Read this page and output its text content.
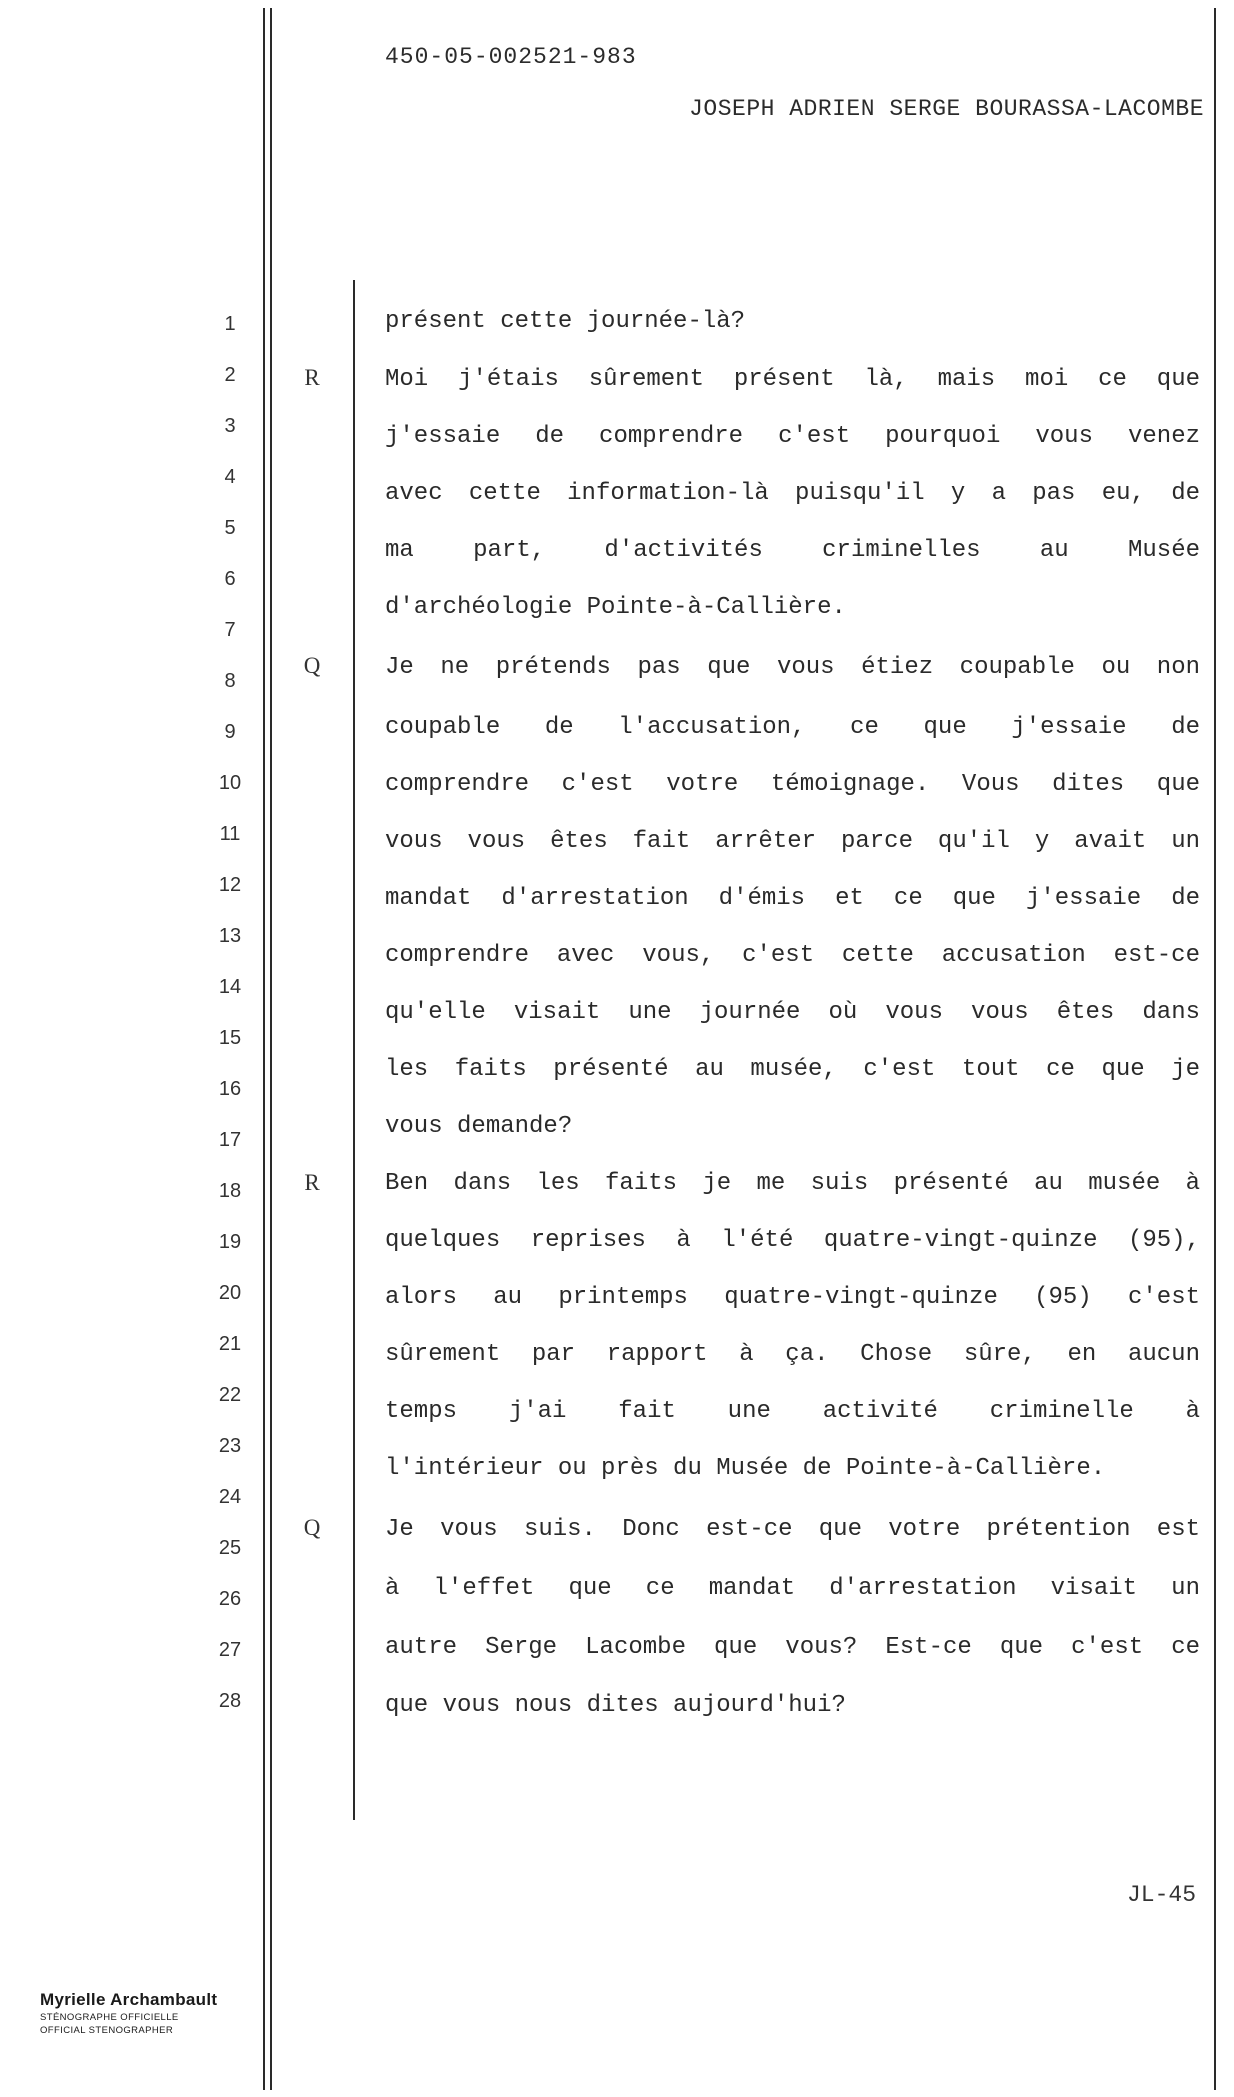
450-05-002521-983
JOSEPH ADRIEN SERGE BOURASSA-LACOMBE
1
2
3
4
5
6
7
8
9
10
11
12
13
14
15
16
17
18
19
20
21
22
23
24
25
26
27
28
R
Q
R
Q
présent cette journée-là?
Moi j'étais sûrement présent là, mais moi ce que
j'essaie de comprendre c'est pourquoi vous venez
avec cette information-là puisqu'il y a pas eu, de
ma part, d'activités criminelles au Musée
d'archéologie Pointe-à-Callière.
Je ne prétends pas que vous étiez coupable ou non
coupable de l'accusation, ce que j'essaie de
comprendre c'est votre témoignage. Vous dites que
vous vous êtes fait arrêter parce qu'il y avait un
mandat d'arrestation d'émis et ce que j'essaie de
comprendre avec vous, c'est cette accusation est-ce
qu'elle visait une journée où vous vous êtes dans
les faits présenté au musée, c'est tout ce que je
vous demande?
Ben dans les faits je me suis présenté au musée à
quelques reprises à l'été quatre-vingt-quinze (95),
alors au printemps quatre-vingt-quinze (95) c'est
sûrement par rapport à ça. Chose sûre, en aucun
temps j'ai fait une activité criminelle à
l'intérieur ou près du Musée de Pointe-à-Callière.
Je vous suis. Donc est-ce que votre prétention est
à l'effet que ce mandat d'arrestation visait un
autre Serge Lacombe que vous? Est-ce que c'est ce
que vous nous dites aujourd'hui?
JL-45
Myrielle Archambault
STÉNOGRAPHE OFFICIELLE
OFFICIAL STENOGRAPHER
